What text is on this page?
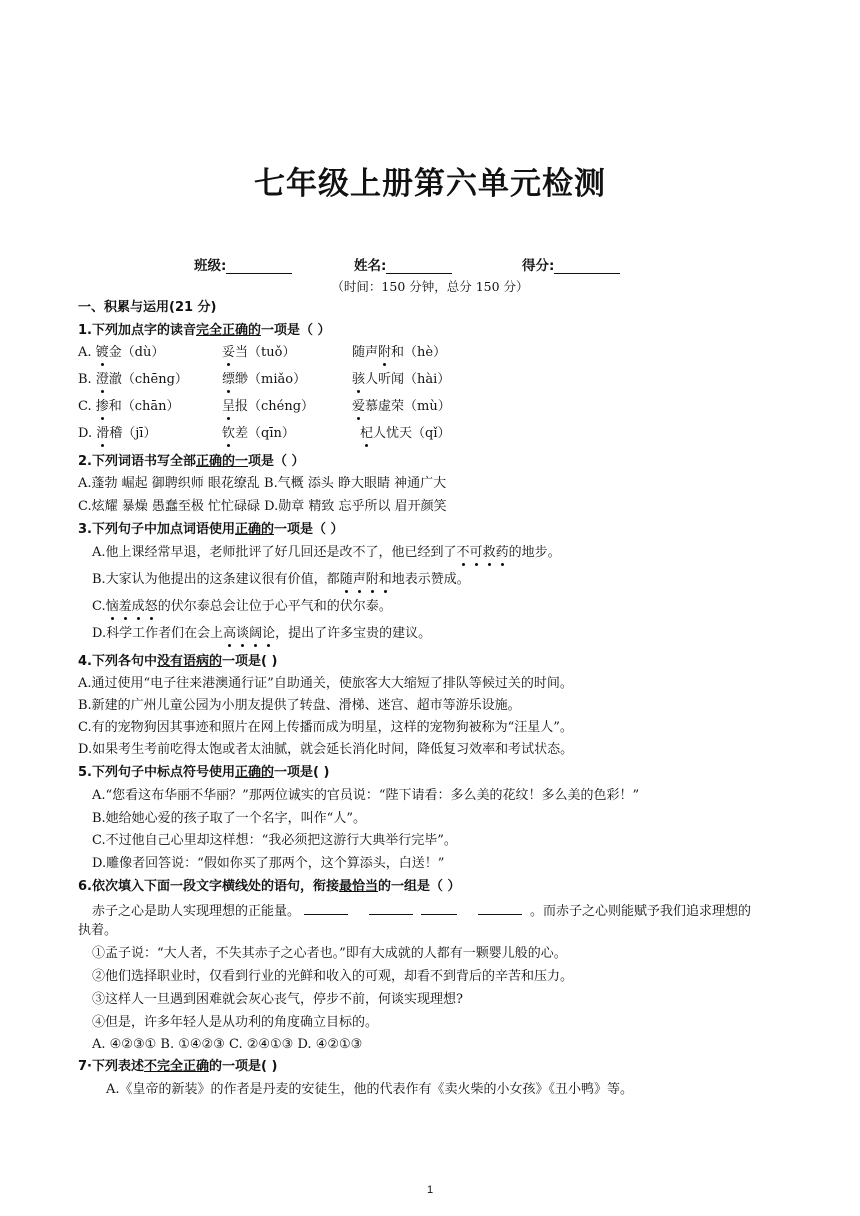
七年级上册第六单元检测
班级:	姓名:	得分:
（时间：150 分钟，总分 150 分）
一、积累与运用(21 分)
1.下列加点字的读音完全正确的一项是（ ）
A. 镀金（dù）	妥当（tuǒ）	随声附和（hè）
B. 澄澈（chēng）	缥缈（miǎo）	骇人听闻（hài）
C. 掺和（chān）	呈报（chéng）	爱慕虚荣（mù）
D. 滑稽（jī）	钦差（qīn）	杞人忧天（qǐ）
2.下列词语书写全部正确的一项是（ ）
A.蓬勃 崛起 御聘织师 眼花缭乱 B.气概 添头 睁大眼睛 神通广大
C.炫耀 暴燥 愚蠢至极 忙忙碌碌 D.勋章 精致 忘乎所以 眉开颜笑
3.下列句子中加点词语使用正确的一项是（ ）
A.他上课经常早退，老师批评了好几回还是改不了，他已经到了不可救药的地步。
B.大家认为他提出的这条建议很有价值，都随声附和地表示赞成。
C.恼羞成怒的伏尔泰总会让位于心平气和的伏尔泰。
D.科学工作者们在会上高谈阔论，提出了许多宝贵的建议。
4.下列各句中没有语病的一项是( )
A.通过使用“电子往来港澳通行证”自助通关，使旅客大大缩短了排队等候过关的时间。
B.新建的广州儿童公园为小朋友提供了转盘、滑梯、迷宫、超市等游乐设施。
C.有的宠物狗因其事迹和照片在网上传播而成为明星，这样的宠物狗被称为“汪星人”。
D.如果考生考前吃得太饱或者太油腻，就会延长消化时间，降低复习效率和考试状态。
5.下列句子中标点符号使用正确的一项是( )
A.“您看这布华丽不华丽？”那两位诚实的官员说：“陛下请看：多么美的花纹！多么美的色彩！”
B.她给她心爱的孩子取了一个名字，叫作“人”。
C.不过他自己心里却这样想：“我必须把这游行大典举行完毕”。
D.雕像者回答说：“假如你买了那两个，这个算添头，白送！”
6.依次填入下面一段文字横线处的语句，衔接最恰当的一组是（ ）
赤子之心是助人实现理想的正能量。	。而赤子之心则能赋予我们追求理想的
执着。
①孟子说：“大人者，不失其赤子之心者也。”即有大成就的人都有一颗婴儿般的心。
②他们选择职业时，仅看到行业的光鲜和收入的可观，却看不到背后的辛苦和压力。
③这样人一旦遇到困难就会灰心丧气，停步不前，何谈实现理想?
④但是，许多年轻人是从功利的角度确立目标的。
A. ④②③① B. ①④②③ C. ②④①③ D. ④②①③
7·下列表述不完全正确的一项是( )
A.《皇帝的新装》的作者是丹麦的安徒生，他的代表作有《卖火柴的小女孩》《丑小鸭》等。
1
